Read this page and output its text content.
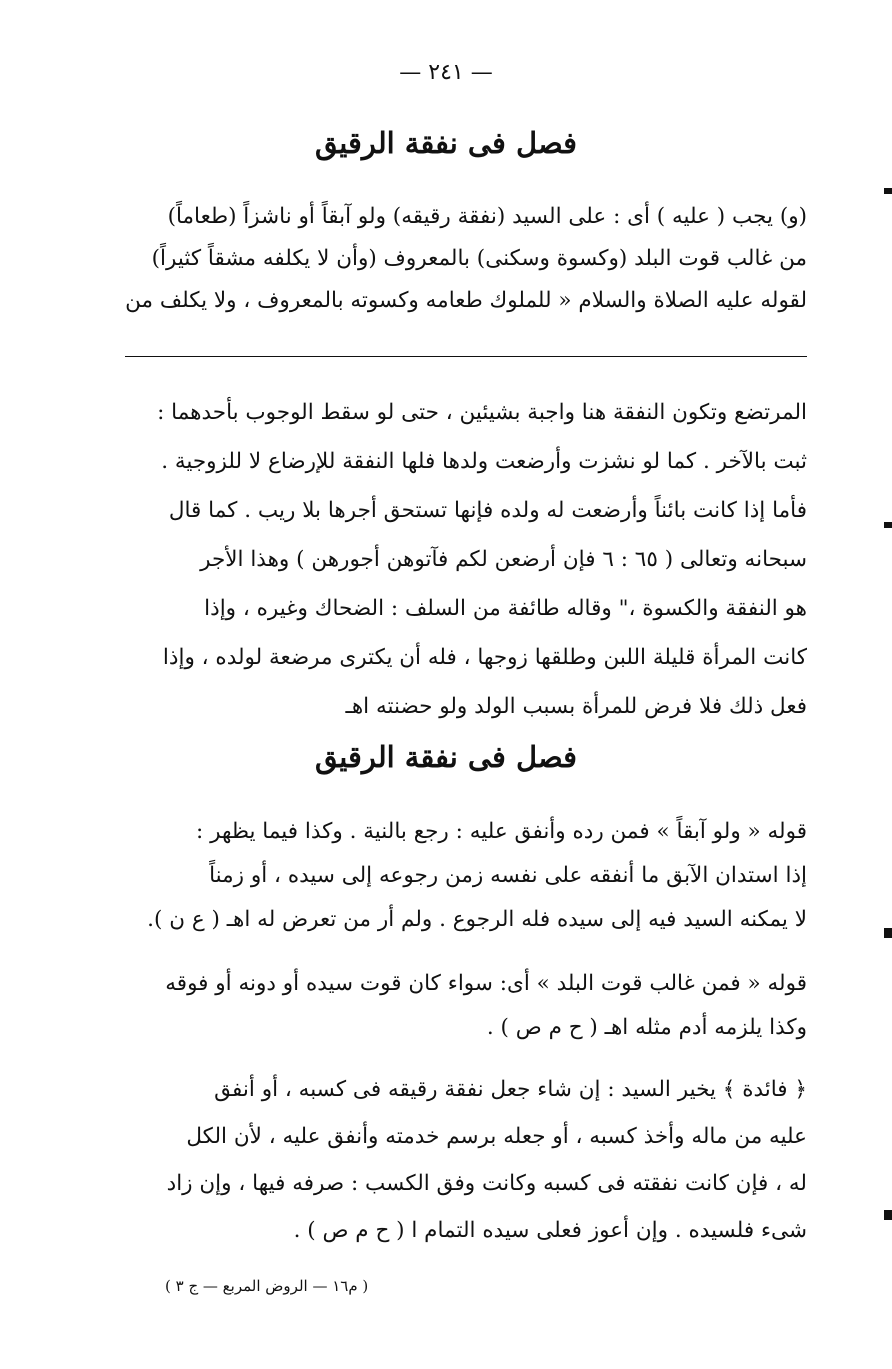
— ٢٤١ —
فصل فى نفقة الرقيق

(و) يجب ( عليه ) أى : على السيد (نفقة رقيقه) ولو آبقاً أو ناشزاً (طعاماً)

من غالب قوت البلد (وكسوة وسكنى) بالمعروف (وأن لا يكلفه مشقاً كثيراً)

لقوله عليه الصلاة والسلام « للملوك طعامه وكسوته بالمعروف ، ولا يكلف من

المرتضع وتكون النفقة هنا واجبة بشيئين ، حتى لو سقط الوجوب بأحدهما :

ثبت بالآخر . كما لو نشزت وأرضعت ولدها فلها النفقة للإرضاع لا للزوجية .

فأما إذا كانت بائناً وأرضعت له ولده فإنها تستحق أجرها بلا ريب . كما قال

سبحانه وتعالى ( ٦٥ : ٦ فإن أرضعن لكم فآتوهن أجورهن ) وهذا الأجر

هو النفقة والكسوة ،" وقاله طائفة من السلف : الضحاك وغيره ، وإذا

كانت المرأة قليلة اللبن وطلقها زوجها ، فله أن يكترى مرضعة لولده ، وإذا

فعل ذلك فلا فرض للمرأة بسبب الولد ولو حضنته اهـ

فصل فى نفقة الرقيق

قوله « ولو آبقاً » فمن رده وأنفق عليه : رجع بالنية . وكذا فيما يظهر :

إذا استدان الآبق ما أنفقه على نفسه زمن رجوعه إلى سيده ، أو زمناً

لا يمكنه السيد فيه إلى سيده فله الرجوع . ولم أر من تعرض له اهـ ( ع ن ).

قوله « فمن غالب قوت البلد » أى: سواء كان قوت سيده أو دونه أو فوقه

وكذا يلزمه أدم مثله اهـ ( ح م ص ) .

﴿ فائدة ﴾ يخير السيد : إن شاء جعل نفقة رقيقه فى كسبه ، أو أنفق

عليه من ماله وأخذ كسبه ، أو جعله برسم خدمته وأنفق عليه ، لأن الكل

له ، فإن كانت نفقته فى كسبه وكانت وفق الكسب : صرفه فيها ، وإن زاد

شىء فلسيده . وإن أعوز فعلى سيده التمام ا ( ح م ص ) .

( م١٦ — الروض المربع — ج ٣ )
